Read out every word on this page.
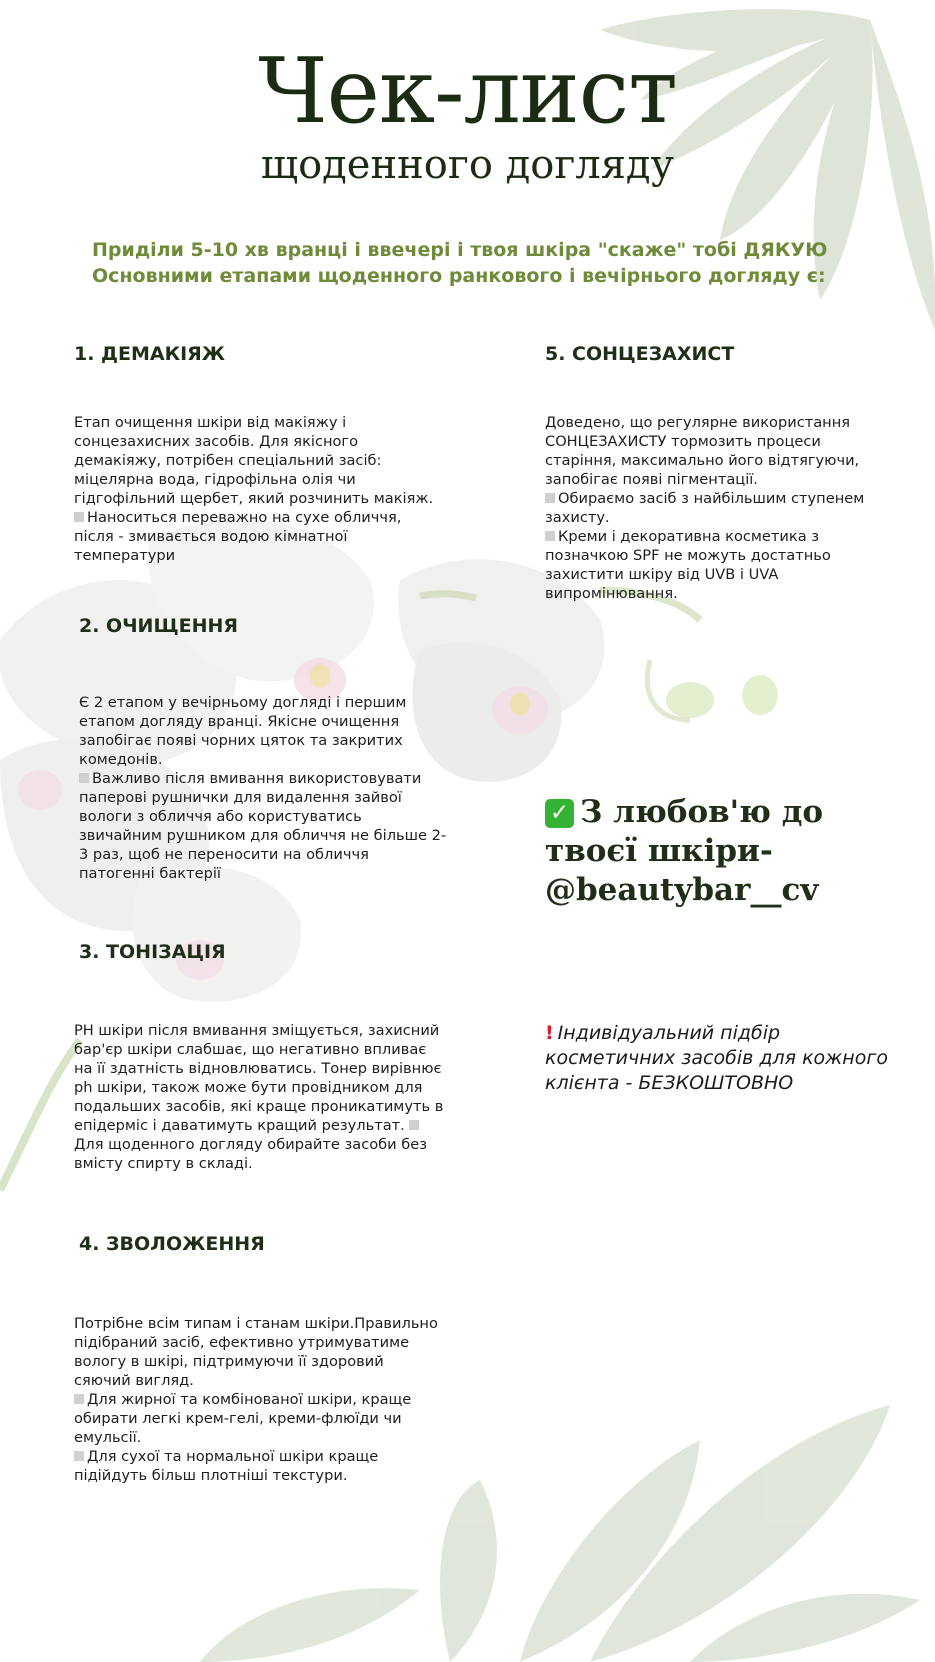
Чек-лист
щоденного догляду
Приділи 5-10 хв вранці і ввечері і твоя шкіра "скаже" тобі ДЯКУЮ
Основними етапами щоденного ранкового і вечірнього догляду є:
1. ДЕМАКІЯЖ

Етап очищення шкіри від макіяжу і сонцезахисних засобів. Для якісного демакіяжу, потрібен спеціальний засіб: міцелярна вода, гідрофільна олія чи гідгофільний щербет, який розчинить макіяж.

Наноситься переважно на сухе обличчя, після - змивається водою кімнатної температури

2. ОЧИЩЕННЯ

Є 2 етапом у вечірньому догляді і першим етапом догляду вранці. Якісне очищення запобігає появі чорних цяток та закритих комедонів.

Важливо після вмивання використовувати паперові рушнички для видалення зайвої вологи з обличчя або користуватись звичайним рушником для обличчя не більше 2-3 раз, щоб не переносити на обличчя патогенні бактерії

3. ТОНІЗАЦІЯ

PH шкіри після вмивання зміщується, захисний бар'єр шкіри слабшає, що негативно впливає на її здатність відновлюватись. Тонер вирівнює ph шкіри, також може бути провідником для подальших засобів, які краще проникатимуть в епідерміс і даватимуть кращий результат. Для щоденного догляду обирайте засоби без вмісту спирту в складі.

4. ЗВОЛОЖЕННЯ

Потрібне всім типам і станам шкіри.Правильно підібраний засіб, ефективно утримуватиме вологу в шкірі, підтримуючи її здоровий сяючий вигляд.

Для жирної та комбінованої шкіри, краще обирати легкі крем-гелі, креми-флюїди чи емульсії.

Для сухої та нормальної шкіри краще підійдуть більш плотніші текстури.

5. СОНЦЕЗАХИСТ

Доведено, що регулярне використання СОНЦЕЗАХИСТУ тормозить процеси старіння, максимально його відтягуючи, запобігає появі пігментації.

Обираємо засіб з найбільшим ступенем захисту.

Креми і декоративна косметика з позначкою SPF не можуть достатньо захистити шкіру від UVB і UVA випромінювання.

✓ З любов'ю до
твоєї шкіри-
@beautybar__cv
! Індивідуальний підбір косметичних засобів для кожного клієнта - БЕЗКОШТОВНО
